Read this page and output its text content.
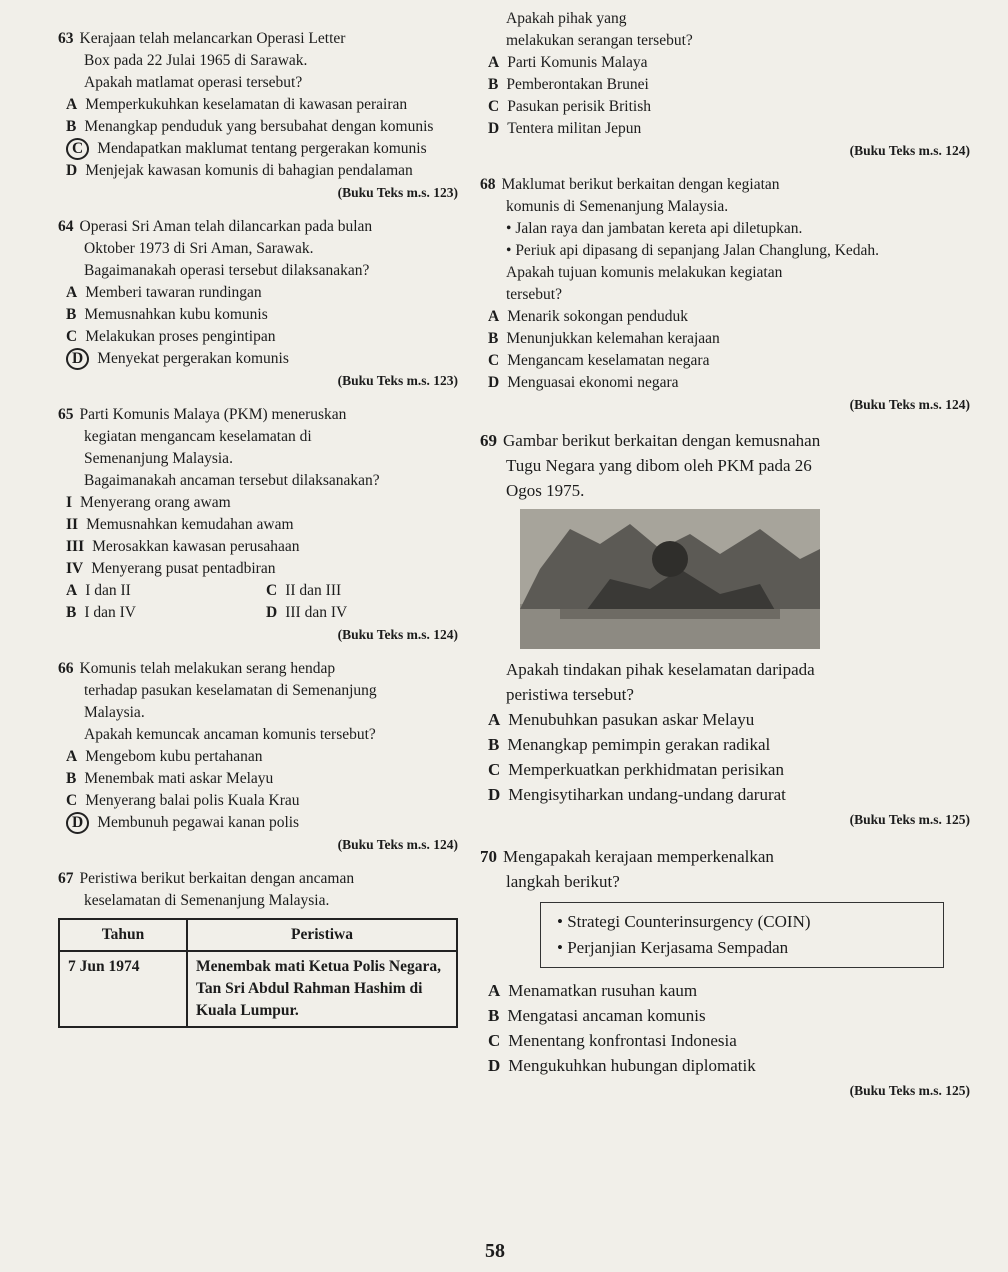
63 Kerajaan telah melancarkan Operasi Letter
Box pada 22 Julai 1965 di Sarawak.
Apakah matlamat operasi tersebut?
A Memperkukuhkan keselamatan di kawasan perairan
B Menangkap penduduk yang bersubahat dengan komunis
C Mendapatkan maklumat tentang pergerakan komunis
D Menjejak kawasan komunis di bahagian pendalaman
(Buku Teks m.s. 123)
64 Operasi Sri Aman telah dilancarkan pada bulan
Oktober 1973 di Sri Aman, Sarawak.
Bagaimanakah operasi tersebut dilaksanakan?
A Memberi tawaran rundingan
B Memusnahkan kubu komunis
C Melakukan proses pengintipan
D Menyekat pergerakan komunis
(Buku Teks m.s. 123)
65 Parti Komunis Malaya (PKM) meneruskan
kegiatan mengancam keselamatan di
Semenanjung Malaysia.
Bagaimanakah ancaman tersebut dilaksanakan?
I Menyerang orang awam
II Memusnahkan kemudahan awam
III Merosakkan kawasan perusahaan
IV Menyerang pusat pentadbiran
A I dan II	C II dan III
B I dan IV	D III dan IV
(Buku Teks m.s. 124)
66 Komunis telah melakukan serang hendap
terhadap pasukan keselamatan di Semenanjung
Malaysia.
Apakah kemuncak ancaman komunis tersebut?
A Mengebom kubu pertahanan
B Menembak mati askar Melayu
C Menyerang balai polis Kuala Krau
D Membunuh pegawai kanan polis
(Buku Teks m.s. 124)
67 Peristiwa berikut berkaitan dengan ancaman
keselamatan di Semenanjung Malaysia.
Tahun	Peristiwa
7 Jun 1974	Menembak mati Ketua Polis Negara, Tan Sri Abdul Rahman Hashim di Kuala Lumpur.
Apakah pihak yang
melakukan serangan tersebut?
A Parti Komunis Malaya
B Pemberontakan Brunei
C Pasukan perisik British
D Tentera militan Jepun
(Buku Teks m.s. 124)
68 Maklumat berikut berkaitan dengan kegiatan
komunis di Semenanjung Malaysia.
• Jalan raya dan jambatan kereta api diletupkan.
• Periuk api dipasang di sepanjang Jalan Changlung, Kedah.
Apakah tujuan komunis melakukan kegiatan
tersebut?
A Menarik sokongan penduduk
B Menunjukkan kelemahan kerajaan
C Mengancam keselamatan negara
D Menguasai ekonomi negara
(Buku Teks m.s. 124)
69 Gambar berikut berkaitan dengan kemusnahan
Tugu Negara yang dibom oleh PKM pada 26
Ogos 1975.
Apakah tindakan pihak keselamatan daripada
peristiwa tersebut?
A Menubuhkan pasukan askar Melayu
B Menangkap pemimpin gerakan radikal
C Memperkuatkan perkhidmatan perisikan
D Mengisytiharkan undang-undang darurat
(Buku Teks m.s. 125)
70 Mengapakah kerajaan memperkenalkan
langkah berikut?
• Strategi Counterinsurgency (COIN)
• Perjanjian Kerjasama Sempadan
A Menamatkan rusuhan kaum
B Mengatasi ancaman komunis
C Menentang konfrontasi Indonesia
D Mengukuhkan hubungan diplomatik
(Buku Teks m.s. 125)
58
